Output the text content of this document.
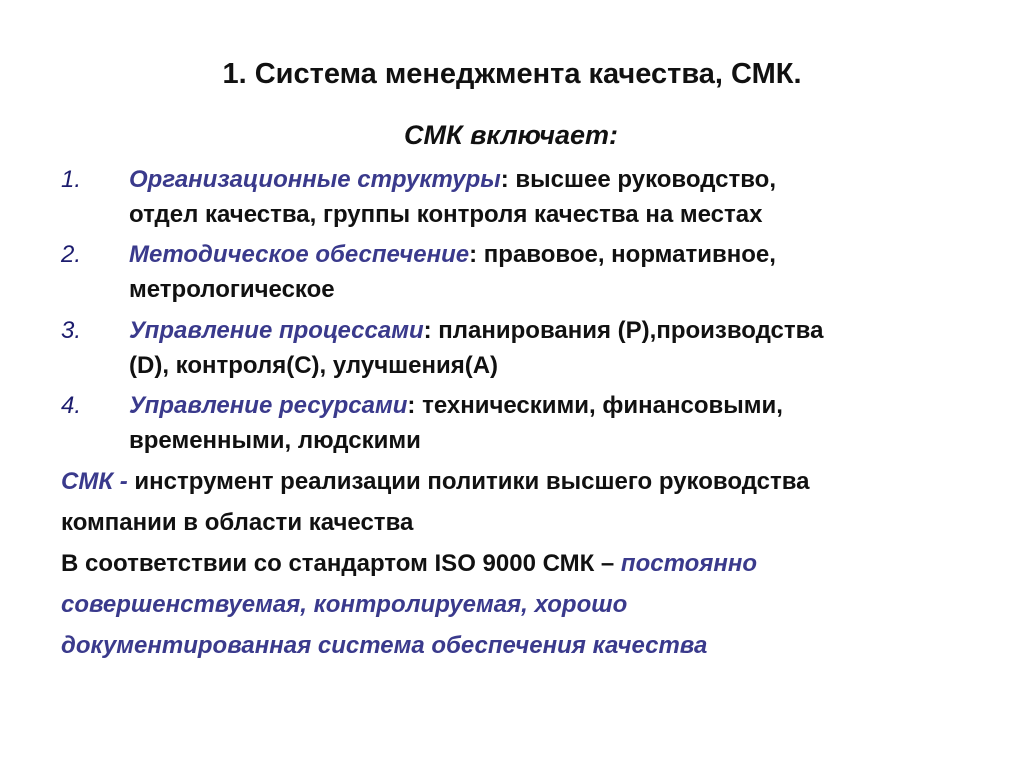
1. Система менеджмента качества, СМК.
СМК включает:
1. Организационные структуры: высшее руководство,
отдел качества, группы контроля качества на местах
2. Методическое обеспечение: правовое, нормативное,
метрологическое
3. Управление процессами: планирования (P),производства
(D), контроля(C), улучшения(A)
4. Управление ресурсами: техническими, финансовыми,
временными, людскими
СМК - инструмент реализации политики высшего руководства
компании в области качества
В соответствии со стандартом ISO 9000 СМК – постоянно
совершенствуемая, контролируемая, хорошо
документированная система обеспечения качества
